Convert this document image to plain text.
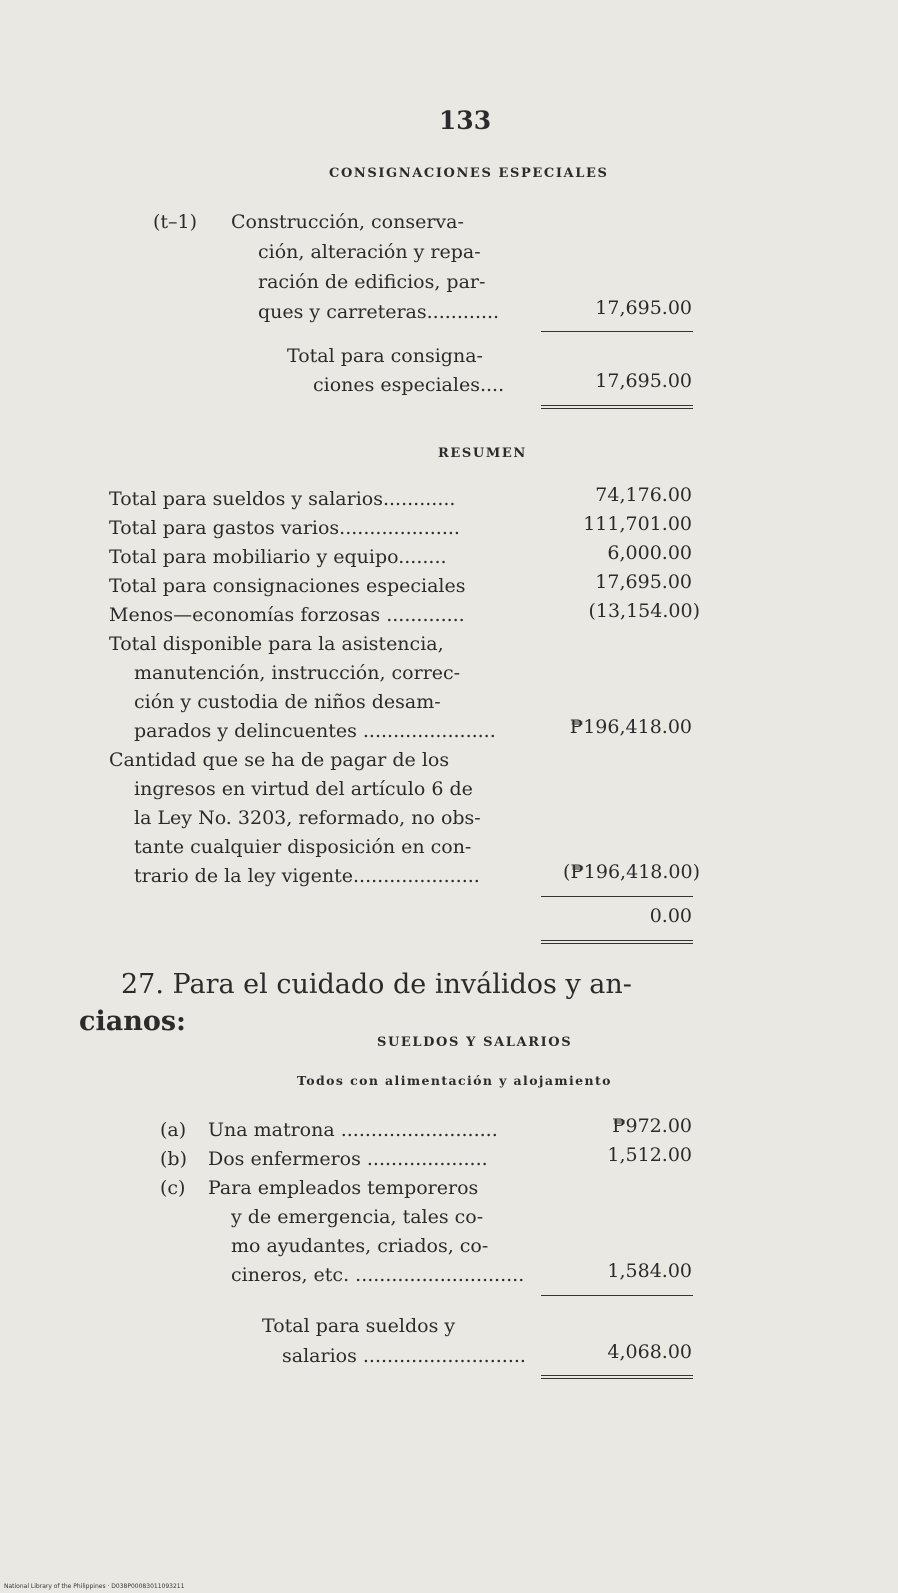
133
CONSIGNACIONES ESPECIALES
(t–1) Construcción, conserva-
ción, alteración y repa-
ración de edificios, par-
ques y carreteras............	17,695.00
Total para consigna-
ciones especiales....	17,695.00
RESUMEN
Total para sueldos y salarios............	74,176.00
Total para gastos varios....................	111,701.00
Total para mobiliario y equipo........	6,000.00
Total para consignaciones especiales	17,695.00
Menos—economías forzosas .............	(13,154.00)
Total disponible para la asistencia,
manutención, instrucción, correc-
ción y custodia de niños desam-
parados y delincuentes ......................	₱196,418.00
Cantidad que se ha de pagar de los
ingresos en virtud del artículo 6 de
la Ley No. 3203, reformado, no obs-
tante cualquier disposición en con-
trario de la ley vigente.....................	(₱196,418.00)
0.00
27. Para el cuidado de inválidos y an-
cianos:
SUELDOS Y SALARIOS
Todos con alimentación y alojamiento
(a) Una matrona ..........................	₱972.00
(b) Dos enfermeros ....................	1,512.00
(c) Para empleados temporeros
y de emergencia, tales co-
mo ayudantes, criados, co-
cineros, etc. ............................	1,584.00
Total para sueldos y
salarios ...........................	4,068.00
National Library of the Philippines · D038P00083011093211
